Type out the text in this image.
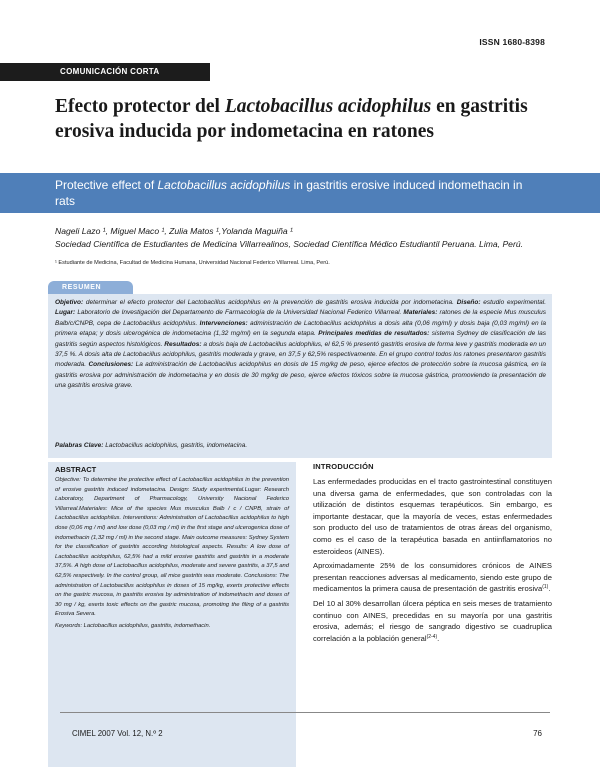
ISSN 1680-8398
COMUNICACIÓN CORTA
Efecto protector del Lactobacillus acidophilus en gastritis erosiva inducida por indometacina en ratones
Protective effect of Lactobacillus acidophilus in gastritis erosive induced indomethacin in rats
Nageli Lazo ¹, Miguel Maco ¹, Zulia Matos ¹,Yolanda Maguiña ¹
Sociedad Científica de Estudiantes de Medicina Villarrealinos, Sociedad Científica Médico Estudiantil Peruana. Lima, Perú.
¹ Estudiante de Medicina, Facultad de Medicina Humana, Universidad Nacional Federico Villarreal. Lima, Perú.
RESUMEN
Objetivo: determinar el efecto protector del Lactobacillus acidophilus en la prevención de gastritis erosiva inducida por indometacina. Diseño: estudio experimental. Lugar: Laboratorio de Investigación del Departamento de Farmacología de la Universidad Nacional Federico Villarreal. Materiales: ratones de la especie Mus musculus Balb/c/CNPB, cepa de Lactobacillus acidophilus. Intervenciones: administración de Lactobacillus acidophilus a dosis alta (0,06 mg/ml) y dosis baja (0,03 mg/ml) en la primera etapa; y dosis ulcerogénica de indometacina (1,32 mg/ml) en la segunda etapa. Principales medidas de resultados: sistema Sydney de clasificación de las gastritis según aspectos histológicos. Resultados: a dosis baja de Lactobacillus acidophilus, el 62,5 % presentó gastritis erosiva de forma leve y gastritis moderada en un 37,5 %. A dosis alta de Lactobacillus acidophilus, gastritis moderada y grave, en 37,5 y 62,5% respectivamente. En el grupo control todos los ratones presentaron gastritis moderada. Conclusiones: La administración de Lactobacillus acidophilus en dosis de 15 mg/kg de peso, ejerce efectos de protección sobre la mucosa gástrica, en la gastritis erosiva por administración de indometacina y en dosis de 30 mg/kg de peso, ejerce efectos tóxicos sobre la mucosa gástrica, promoviendo la presentación de una gastritis erosiva grave.
Palabras Clave: Lactobacillus acidophilus, gastritis, indometacina.
ABSTRACT
Objective: To determine the protective effect of Lactobacillus acidophilus in the prevention of erosive gastritis induced indometacina. Design: Study experimental.Lugar: Research Laboratory, Department of Pharmacology, University Nacional Federico Villarreal.Materiales: Mice of the species Mus musculus Balb / c / CNPB, strain of Lactobacillus acidophilus. Interventions: Administration of Lactobacillus acidophilus to high dose (0,06 mg / ml) and low dose (0,03 mg / ml) in the first stage and ulcerogenica dose of indomethacin (1,32 mg / ml) in the second stage. Main outcome measures: Sydney System for the classification of gastritis according histological aspects. Results: A low dose of Lactobacillus acidophilus, 62,5% had a mild erosive gastritis and gastritis in a moderate 37,5%. A high dose of Lactobacillus acidophilus, moderate and severe gastritis, a 37,5 and 62,5% respectively. In the control group, all mice gastritis was moderate. Conclusions: The administration of Lactobacillus acidophilus in doses of 15 mg/kg, exerts protective effects on the gastric mucosa, in gastritis erosiva by administration of indomethacin and doses of 30 mg / kg, exerts toxic effects on the gastric mucosa, promoting the filing of a gastritis Erosiva Severa.
Keywords: Lactobacillus acidophilus, gastritis, indomethacin.
INTRODUCCIÓN

Las enfermedades producidas en el tracto gastrointestinal constituyen una diversa gama de enfermedades, que son controladas con la utilización de distintos esquemas terapéuticos. Sin embargo, es importante destacar, que la mayoría de veces, estas enfermedades son producto del uso de tratamientos de otras áreas del organismo, como es el caso de la terapéutica basada en antiinflamatorios no esteroideos (AINES).

Aproximadamente 25% de los consumidores crónicos de AINES presentan reacciones adversas al medicamento, siendo este grupo de medicamentos la primera causa de presentación de gastritis erosiva$^{(1)}$.

Del 10 al 30% desarrollan úlcera péptica en seis meses de tratamiento continuo con AINES, precedidas en su mayoría por una gastritis erosiva, además; el riesgo de sangrado digestivo se cuadruplica correlación a la población general$^{(2-4)}$.

CIMEL 2007 Vol. 12, N.º 2	76
